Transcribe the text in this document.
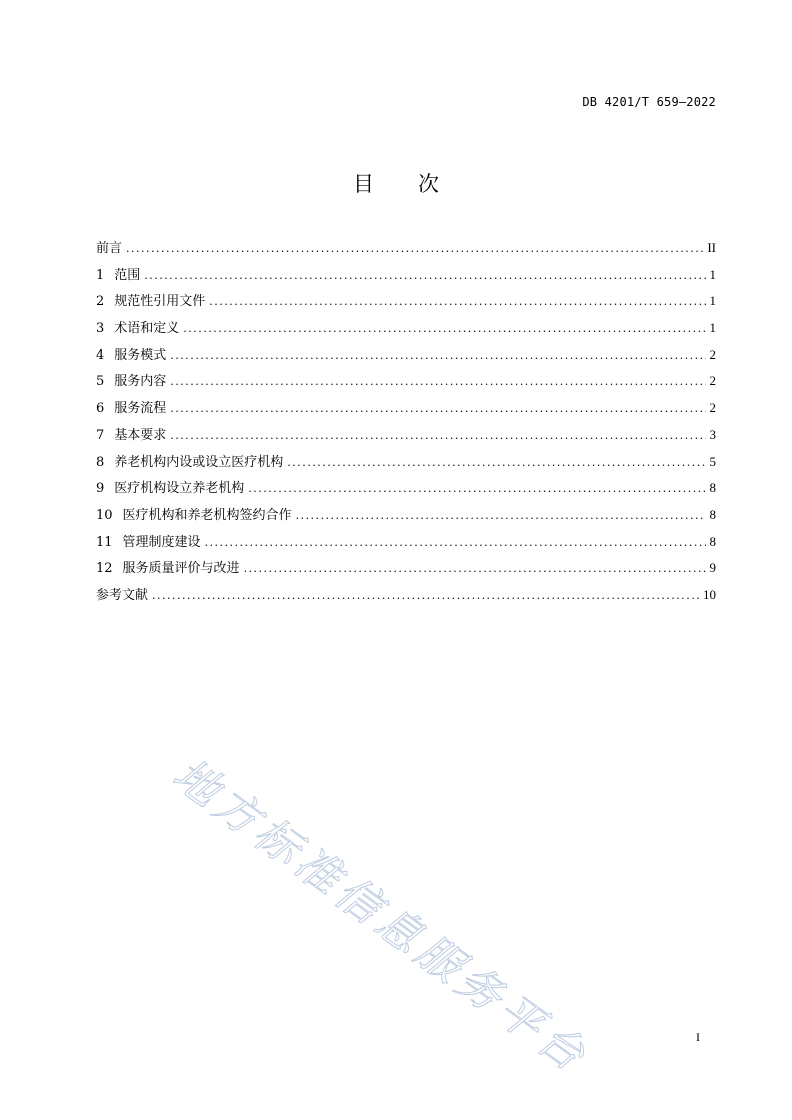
DB 4201/T 659—2022
目 次
前言 . . .	II
1 范围 . . .	1
2 规范性引用文件 . . .	1
3 术语和定义 . . .	1
4 服务模式 . . .	2
5 服务内容 . . .	2
6 服务流程 . . .	2
7 基本要求 . . .	3
8 养老机构内设或设立医疗机构 . . .	5
9 医疗机构设立养老机构 . . .	8
10 医疗机构和养老机构签约合作 . . .	8
11 管理制度建设 . . .	8
12 服务质量评价与改进 . . .	9
参考文献 . . .	10
地方标准信息服务平台	I
